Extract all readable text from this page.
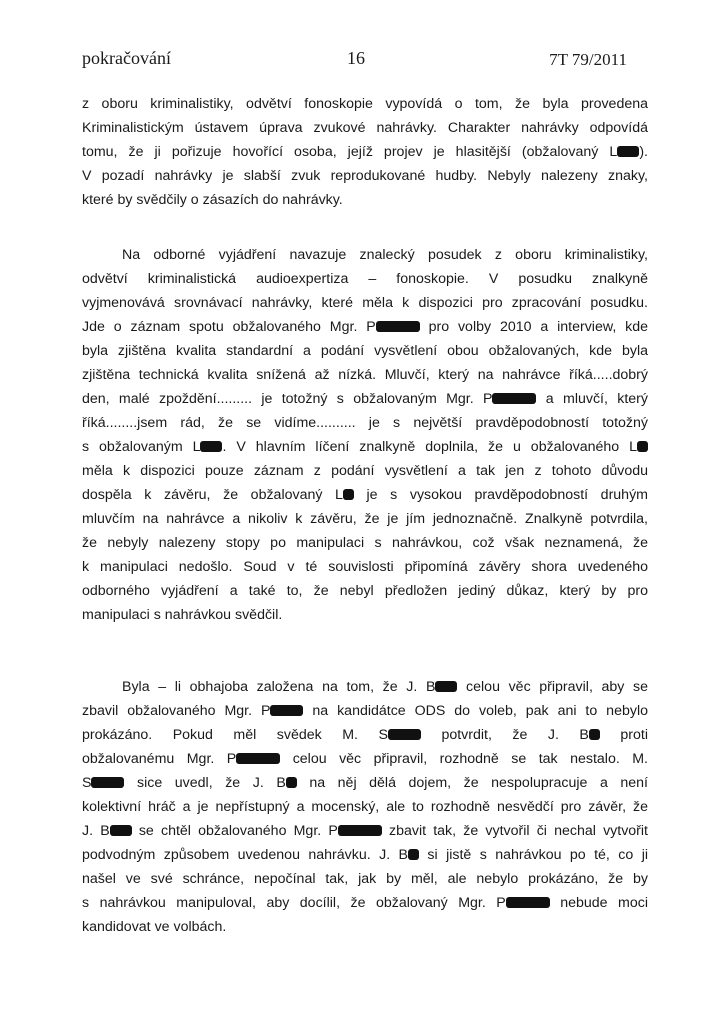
pokračování	16	7T 79/2011
z oboru kriminalistiky, odvětví fonoskopie vypovídá o tom, že byla provedena
Kriminalistickým ústavem úprava zvukové nahrávky. Charakter nahrávky odpovídá
tomu, že ji pořizuje hovořící osoba, jejíž projev je hlasitější (obžalovaný L ).
V pozadí nahrávky je slabší zvuk reprodukované hudby. Nebyly nalezeny znaky,
které by svědčily o zásazích do nahrávky.
Na odborné vyjádření navazuje znalecký posudek z oboru kriminalistiky,
odvětví kriminalistická audioexpertiza – fonoskopie. V posudku znalkyně
vyjmenovává srovnávací nahrávky, které měla k dispozici pro zpracování posudku.
Jde o záznam spotu obžalovaného Mgr. P	pro volby 2010 a interview, kde
byla zjištěna kvalita standardní a podání vysvětlení obou obžalovaných, kde byla
zjištěna technická kvalita snížená až nízká. Mluvčí, který na nahrávce říká.....dobrý
den, malé zpoždění......... je totožný s obžalovaným Mgr. P	a mluvčí, který
říká........jsem rád, že se vidíme.......... je s největší pravděpodobností totožný
s obžalovaným L . V hlavním líčení znalkyně doplnila, že u obžalovaného L
měla k dispozici pouze záznam z podání vysvětlení a tak jen z tohoto důvodu
dospěla k závěru, že obžalovaný L je s vysokou pravděpodobností druhým
mluvčím na nahrávce a nikoliv k závěru, že je jím jednoznačně. Znalkyně potvrdila,
že nebyly nalezeny stopy po manipulaci s nahrávkou, což však neznamená, že
k manipulaci nedošlo. Soud v té souvislosti připomíná závěry shora uvedeného
odborného vyjádření a také to, že nebyl předložen jediný důkaz, který by pro
manipulaci s nahrávkou svědčil.
Byla – li obhajoba založena na tom, že J. B celou věc připravil, aby se
zbavil obžalovaného Mgr. P na kandidátce ODS do voleb, pak ani to nebylo
prokázáno. Pokud měl svědek M. S potvrdit, že J. B proti
obžalovanému Mgr. P	celou věc připravil, rozhodně se tak nestalo. M.
S sice uvedl, že J. B na něj dělá dojem, že nespolupracuje a není
kolektivní hráč a je nepřístupný a mocenský, ale to rozhodně nesvědčí pro závěr, že
J. B se chtěl obžalovaného Mgr. P	zbavit tak, že vytvořil či nechal vytvořit
podvodným způsobem uvedenou nahrávku. J. B si jistě s nahrávkou po té, co ji
našel ve své schránce, nepočínal tak, jak by měl, ale nebylo prokázáno, že by
s nahrávkou manipuloval, aby docílil, že obžalovaný Mgr. P	nebude moci
kandidovat ve volbách.
